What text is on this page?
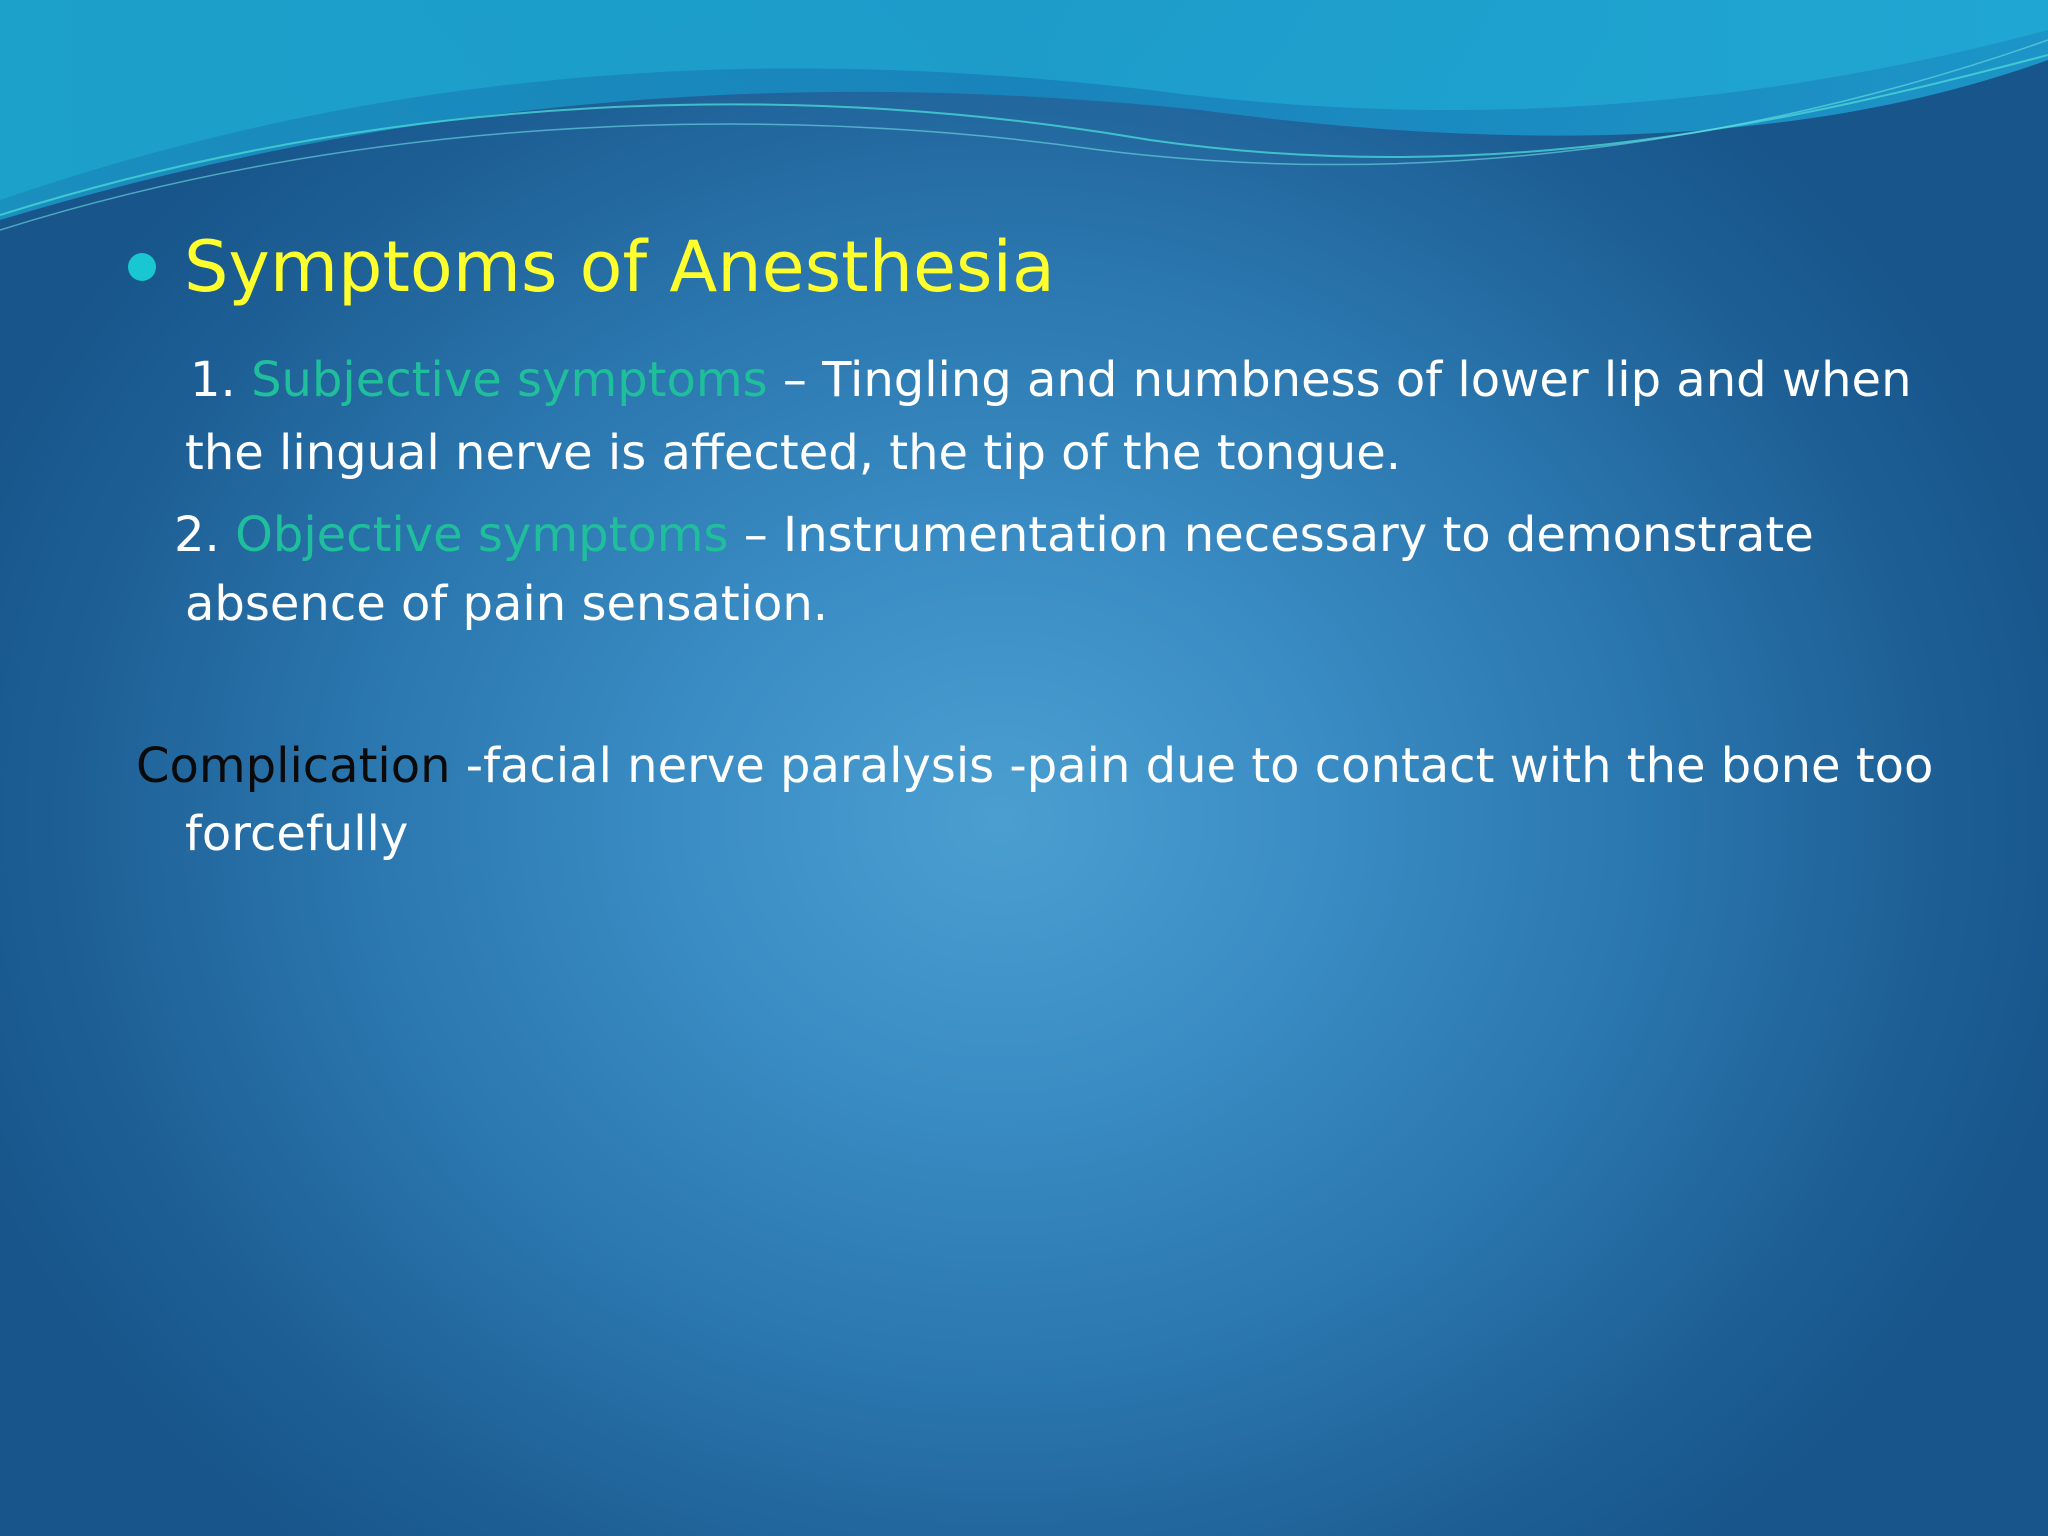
Symptoms of Anesthesia
1. Subjective symptoms – Tingling and numbness of lower lip and when
the lingual nerve is affected, the tip of the tongue.
2. Objective symptoms – Instrumentation necessary to demonstrate
absence of pain sensation.
Complication -facial nerve paralysis -pain due to contact with the bone too
forcefully
